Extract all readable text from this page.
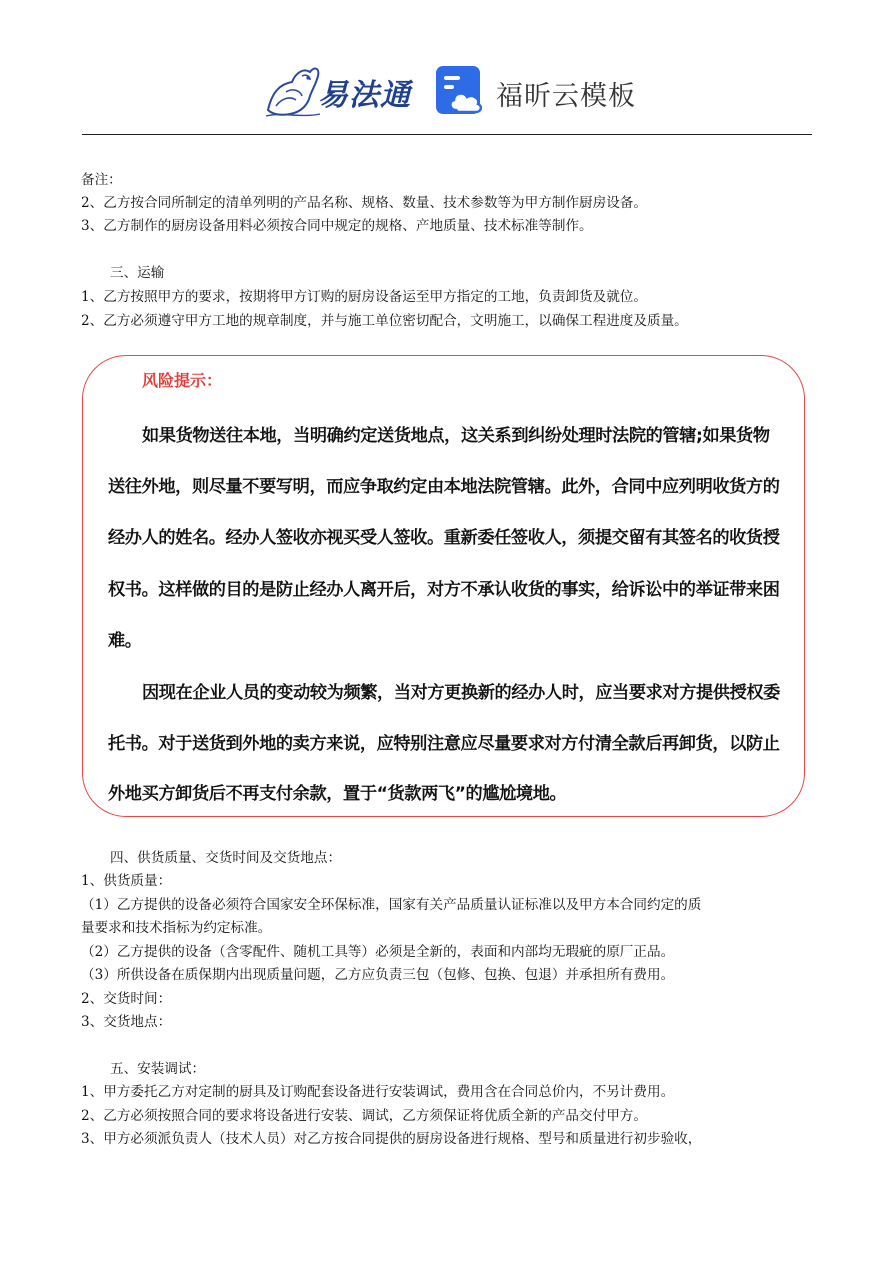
易法通	福昕云模板
备注：
2、乙方按合同所制定的清单列明的产品名称、规格、数量、技术参数等为甲方制作厨房设备。
3、乙方制作的厨房设备用料必须按合同中规定的规格、产地质量、技术标准等制作。
三、运输
1、乙方按照甲方的要求，按期将甲方订购的厨房设备运至甲方指定的工地，负责卸货及就位。
2、乙方必须遵守甲方工地的规章制度，并与施工单位密切配合，文明施工，以确保工程进度及质量。
风险提示：
如果货物送往本地，当明确约定送货地点，这关系到纠纷处理时法院的管辖;如果货物
送往外地，则尽量不要写明，而应争取约定由本地法院管辖。此外，合同中应列明收货方的
经办人的姓名。经办人签收亦视买受人签收。重新委任签收人，须提交留有其签名的收货授
权书。这样做的目的是防止经办人离开后，对方不承认收货的事实，给诉讼中的举证带来困
难。
因现在企业人员的变动较为频繁，当对方更换新的经办人时，应当要求对方提供授权委
托书。对于送货到外地的卖方来说，应特别注意应尽量要求对方付清全款后再卸货，以防止
外地买方卸货后不再支付余款，置于“货款两飞”的尴尬境地。
四、供货质量、交货时间及交货地点：
1、供货质量：
（1）乙方提供的设备必须符合国家安全环保标准，国家有关产品质量认证标准以及甲方本合同约定的质
量要求和技术指标为约定标准。
（2）乙方提供的设备（含零配件、随机工具等）必须是全新的，表面和内部均无瑕疵的原厂正品。
（3）所供设备在质保期内出现质量问题，乙方应负责三包（包修、包换、包退）并承担所有费用。
2、交货时间：
3、交货地点：
五、安装调试：
1、甲方委托乙方对定制的厨具及订购配套设备进行安装调试，费用含在合同总价内，不另计费用。
2、乙方必须按照合同的要求将设备进行安装、调试，乙方须保证将优质全新的产品交付甲方。
3、甲方必须派负责人（技术人员）对乙方按合同提供的厨房设备进行规格、型号和质量进行初步验收，
